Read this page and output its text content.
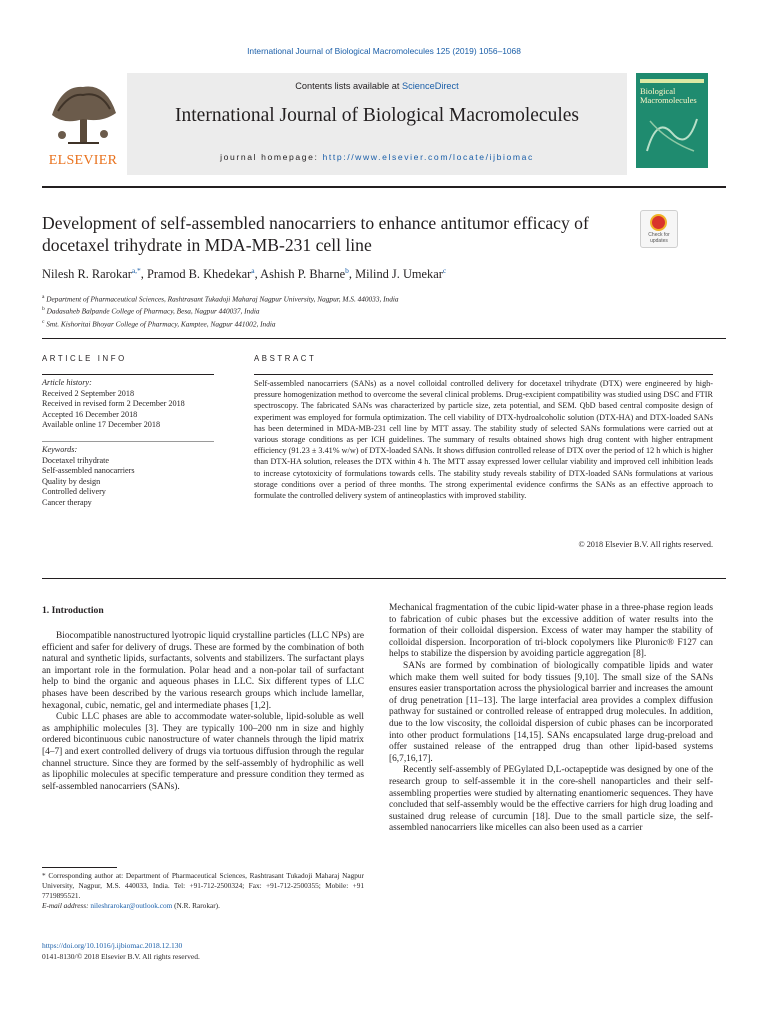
International Journal of Biological Macromolecules 125 (2019) 1056–1068
ELSEVIER
Contents lists available at ScienceDirect
International Journal of Biological Macromolecules
journal homepage: http://www.elsevier.com/locate/ijbiomac
Biological Macromolecules
Development of self-assembled nanocarriers to enhance antitumor efficacy of docetaxel trihydrate in MDA-MB-231 cell line	Check for updates
Nilesh R. Rarokar$^{a,*}$, Pramod B. Khedekar$^a$, Ashish P. Bharne$^b$, Milind J. Umekar$^c$
$^a$ Department of Pharmaceutical Sciences, Rashtrasant Tukadoji Maharaj Nagpur University, Nagpur, M.S. 440033, India
$^b$ Dadasaheb Balpande College of Pharmacy, Besa, Nagpur 440037, India
$^c$ Smt. Kishoritai Bhoyar College of Pharmacy, Kamptee, Nagpur 441002, India
ARTICLE INFO	ABSTRACT
Article history:
Received 2 September 2018
Received in revised form 2 December 2018
Accepted 16 December 2018
Available online 17 December 2018
Keywords:
Docetaxel trihydrate
Self-assembled nanocarriers
Quality by design
Controlled delivery
Cancer therapy
Self-assembled nanocarriers (SANs) as a novel colloidal controlled delivery for docetaxel trihydrate (DTX) were engineered by high-pressure homogenization method to overcome the several clinical problems. Drug-excipient compatibility was studied using DSC and FTIR spectroscopy. The fabricated SANs was characterized by particle size, zeta potential, and SEM. QbD based central composite design of experiment was employed for formula optimization. The cell viability of DTX-hydroalcoholic solution (DTX-HA) and DTX-loaded SANs has been determined in MDA-MB-231 cell line by MTT assay. The stability study of selected SANs formulations were carried out at various storage conditions as per ICH guidelines. The summary of results obtained shows high drug content with higher entrapment efficiency (91.23 ± 3.41% w/w) of DTX-loaded SANs. It shows diffusion controlled release of DTX over the period of 12 h which is higher than DTX-HA solution, releases the DTX within 4 h. The MTT assay expressed lower cellular viability and improved cell inhibition leads to increase cytotoxicity of formulations towards cells. The stability study reveals stability of DTX-loaded SANs formulations at various storage conditions over a period of three months. The strong experimental evidence confirms the SANs as an effective approach to formulate the controlled delivery system of antineoplastics with improved stability.
© 2018 Elsevier B.V. All rights reserved.
1. Introduction

Biocompatible nanostructured lyotropic liquid crystalline particles (LLC NPs) are efficient and safer for delivery of drugs. These are formed by the combination of both natural and synthetic lipids, surfactants, solvents and stabilizers. The surfactant plays an important role in the formulation. Polar head and a non-polar tail of surfactant help to bind the organic and aqueous phases in LLC. Six different types of LLC phases have been described by the various research groups which include lamellar, hexagonal, cubic, nematic, gel and intermediate phases [1,2].

Cubic LLC phases are able to accommodate water-soluble, lipid-soluble as well as amphiphilic molecules [3]. They are typically 100–200 nm in size and highly ordered bicontinuous cubic nanostructure of water channels through the lipid matrix [4–7] and exert controlled delivery of drugs via tortuous diffusion through the regular channel structure. Since they are formed by the self-assembly of hydrophilic as well as lipophilic molecules at specific temperature and pressure condition they termed as self-assembled nanocarriers (SANs).

Mechanical fragmentation of the cubic lipid-water phase in a three-phase region leads to fabrication of cubic phases but the excessive addition of water results into the formation of their colloidal dispersion. Excess of water may hamper the stability of colloidal dispersion. Incorporation of tri-block copolymers like Pluronic® F127 can helps to stabilize the dispersion by avoiding particle aggregation [8].

SANs are formed by combination of biologically compatible lipids and water which make them well suited for body tissues [9,10]. The small size of the SANs ensures easier transportation across the physiological barrier and increases the amount of drug penetration [11–13]. The large interfacial area provides a complex diffusion pathway for sustained or controlled release of entrapped drug molecules. In addition, due to the low viscosity, the colloidal dispersion of cubic phases can be incorporated into other product formulations [14,15]. SANs encapsulated large drug-preload and offer sustained release of the entrapped drug than other lipid-based systems [6,7,16,17].

Recently self-assembly of PEGylated D,L-octapeptide was designed by one of the research group to self-assemble it in the core-shell nanoparticles and their self-assembling properties were studied by alternating enantiomeric sequences. They have concluded that self-assembly would be the effective carriers for high drug loading and sustained drug release of curcumin [18]. Due to the small particle size, the self-assembled nanocarriers like micelles can also been used as a carrier

* Corresponding author at: Department of Pharmaceutical Sciences, Rashtrasant Tukadoji Maharaj Nagpur University, Nagpur, M.S. 440033, India. Tel: +91-712-2500324; Fax: +91-712-2500355; Mobile: +91 7719895521.
E-mail address: nileshrarokar@outlook.com (N.R. Rarokar).
https://doi.org/10.1016/j.ijbiomac.2018.12.130
0141-8130/© 2018 Elsevier B.V. All rights reserved.
